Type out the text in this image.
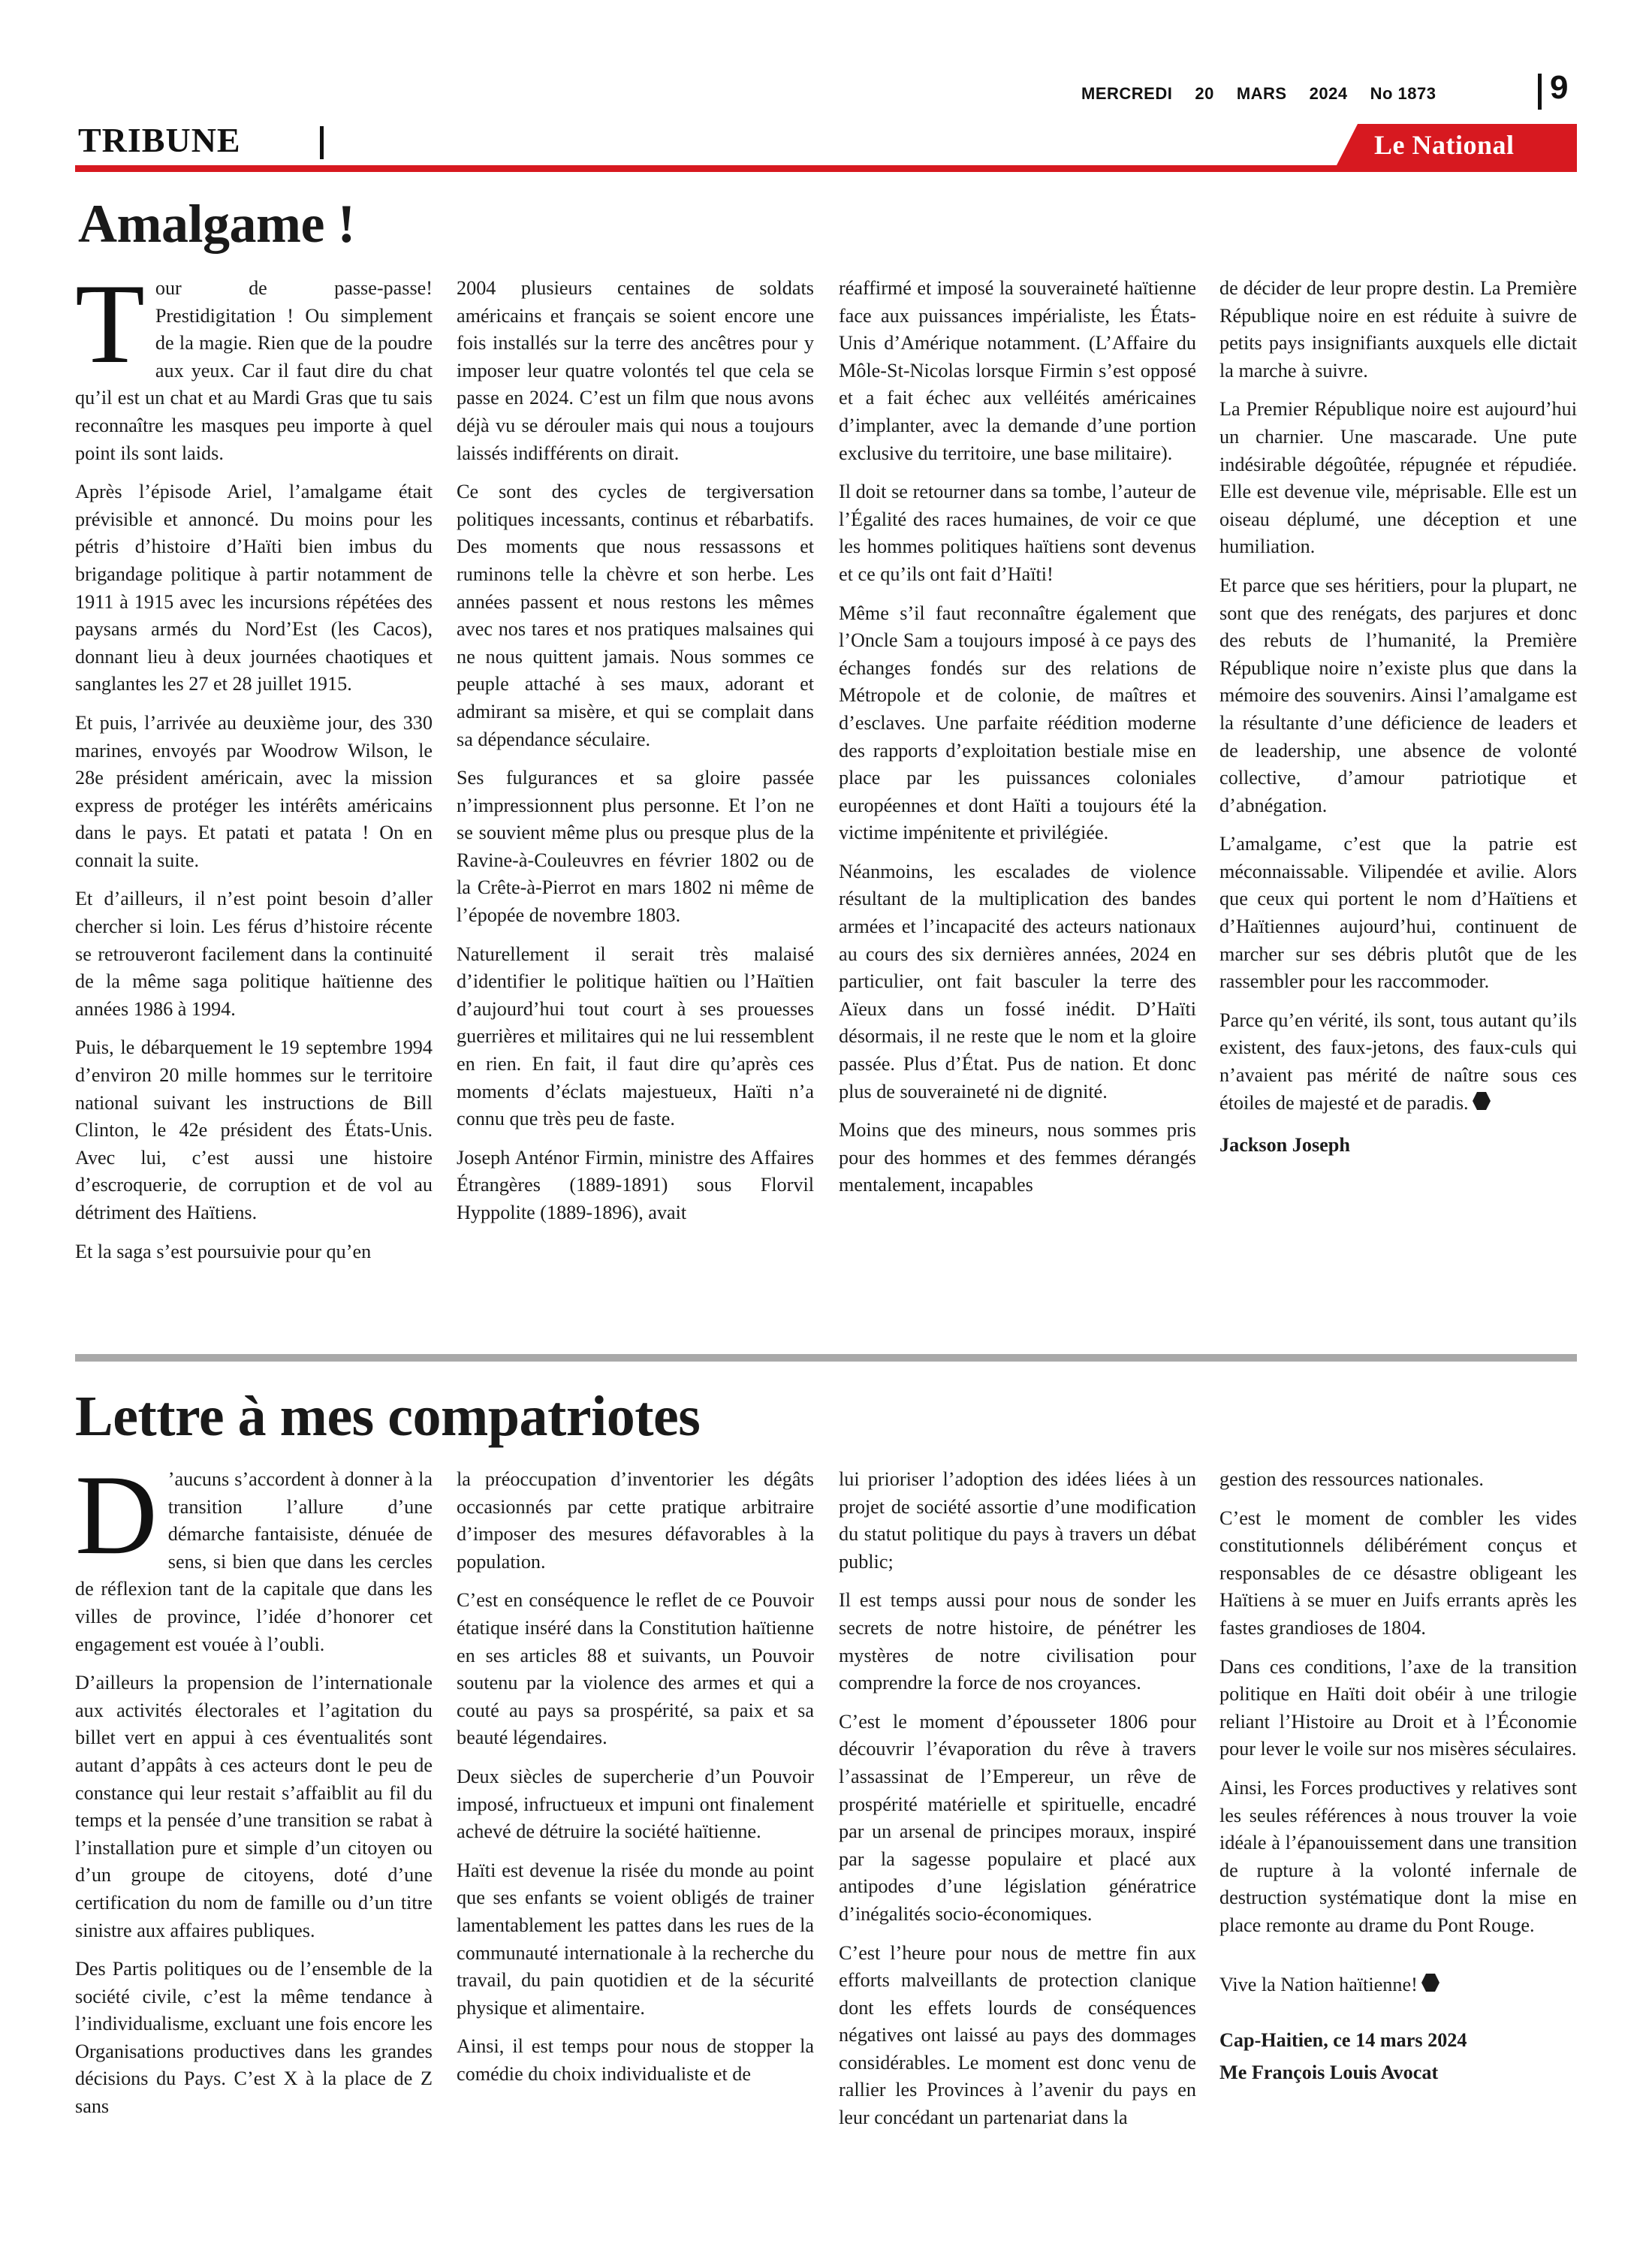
MERCREDI 20 MARS 2024 No 1873	9
TRIBUNE	Le National
Amalgame !
T our de passe-passe! Prestidigitation ! Ou simplement de la magie. Rien que de la poudre aux yeux. Car il faut dire du chat qu’il est un chat et au Mardi Gras que tu sais reconnaître les masques peu importe à quel point ils sont laids.

Après l’épisode Ariel, l’amalgame était prévisible et annoncé. Du moins pour les pétris d’histoire d’Haïti bien imbus du brigandage politique à partir notamment de 1911 à 1915 avec les incursions répétées des paysans armés du Nord’Est (les Cacos), donnant lieu à deux journées chaotiques et sanglantes les 27 et 28 juillet 1915.

Et puis, l’arrivée au deuxième jour, des 330 marines, envoyés par Woodrow Wilson, le 28e président américain, avec la mission express de protéger les intérêts américains dans le pays. Et patati et patata ! On en connait la suite.

Et d’ailleurs, il n’est point besoin d’aller chercher si loin. Les férus d’histoire récente se retrouveront facilement dans la continuité de la même saga politique haïtienne des années 1986 à 1994.

Puis, le débarquement le 19 septembre 1994 d’environ 20 mille hommes sur le territoire national suivant les instructions de Bill Clinton, le 42e président des États-Unis. Avec lui, c’est aussi une histoire d’escroquerie, de corruption et de vol au détriment des Haïtiens.

Et la saga s’est poursuivie pour qu’en

2004 plusieurs centaines de soldats américains et français se soient encore une fois installés sur la terre des ancêtres pour y imposer leur quatre volontés tel que cela se passe en 2024. C’est un film que nous avons déjà vu se dérouler mais qui nous a toujours laissés indifférents on dirait.

Ce sont des cycles de tergiversation politiques incessants, continus et rébarbatifs. Des moments que nous ressassons et ruminons telle la chèvre et son herbe. Les années passent et nous restons les mêmes avec nos tares et nos pratiques malsaines qui ne nous quittent jamais. Nous sommes ce peuple attaché à ses maux, adorant et admirant sa misère, et qui se complait dans sa dépendance séculaire.

Ses fulgurances et sa gloire passée n’impressionnent plus personne. Et l’on ne se souvient même plus ou presque plus de la Ravine-à-Couleuvres en février 1802 ou de la Crête-à-Pierrot en mars 1802 ni même de l’épopée de novembre 1803.

Naturellement il serait très malaisé d’identifier le politique haïtien ou l’Haïtien d’aujourd’hui tout court à ses prouesses guerrières et militaires qui ne lui ressemblent en rien. En fait, il faut dire qu’après ces moments d’éclats majestueux, Haïti n’a connu que très peu de faste.

Joseph Anténor Firmin, ministre des Affaires Étrangères (1889-1891) sous Florvil Hyppolite (1889-1896), avait

réaffirmé et imposé la souveraineté haïtienne face aux puissances impérialiste, les États-Unis d’Amérique notamment. (L’Affaire du Môle-St-Nicolas lorsque Firmin s’est opposé et a fait échec aux velléités américaines d’implanter, avec la demande d’une portion exclusive du territoire, une base militaire).

Il doit se retourner dans sa tombe, l’auteur de l’Égalité des races humaines, de voir ce que les hommes politiques haïtiens sont devenus et ce qu’ils ont fait d’Haïti!

Même s’il faut reconnaître également que l’Oncle Sam a toujours imposé à ce pays des échanges fondés sur des relations de Métropole et de colonie, de maîtres et d’esclaves. Une parfaite réédition moderne des rapports d’exploitation bestiale mise en place par les puissances coloniales européennes et dont Haïti a toujours été la victime impénitente et privilégiée.

Néanmoins, les escalades de violence résultant de la multiplication des bandes armées et l’incapacité des acteurs nationaux au cours des six dernières années, 2024 en particulier, ont fait basculer la terre des Aïeux dans un fossé inédit. D’Haïti désormais, il ne reste que le nom et la gloire passée. Plus d’État. Pus de nation. Et donc plus de souveraineté ni de dignité.

Moins que des mineurs, nous sommes pris pour des hommes et des femmes dérangés mentalement, incapables

de décider de leur propre destin. La Première République noire en est réduite à suivre de petits pays insignifiants auxquels elle dictait la marche à suivre.

La Premier République noire est aujourd’hui un charnier. Une mascarade. Une pute indésirable dégoûtée, répugnée et répudiée. Elle est devenue vile, méprisable. Elle est un oiseau déplumé, une déception et une humiliation.

Et parce que ses héritiers, pour la plupart, ne sont que des renégats, des parjures et donc des rebuts de l’humanité, la Première République noire n’existe plus que dans la mémoire des souvenirs. Ainsi l’amalgame est la résultante d’une déficience de leaders et de leadership, une absence de volonté collective, d’amour patriotique et d’abnégation.

L’amalgame, c’est que la patrie est méconnaissable. Vilipendée et avilie. Alors que ceux qui portent le nom d’Haïtiens et d’Haïtiennes aujourd’hui, continuent de marcher sur ses débris plutôt que de les rassembler pour les raccommoder.

Parce qu’en vérité, ils sont, tous autant qu’ils existent, des faux-jetons, des faux-culs qui n’avaient pas mérité de naître sous ces étoiles de majesté et de paradis.

Jackson Joseph

Lettre à mes compatriotes
D ’aucuns s’accordent à donner à la transition l’allure d’une démarche fantaisiste, dénuée de sens, si bien que dans les cercles de réflexion tant de la capitale que dans les villes de province, l’idée d’honorer cet engagement est vouée à l’oubli.

D’ailleurs la propension de l’internationale aux activités électorales et l’agitation du billet vert en appui à ces éventualités sont autant d’appâts à ces acteurs dont le peu de constance qui leur restait s’affaiblit au fil du temps et la pensée d’une transition se rabat à l’installation pure et simple d’un citoyen ou d’un groupe de citoyens, doté d’une certification du nom de famille ou d’un titre sinistre aux affaires publiques.

Des Partis politiques ou de l’ensemble de la société civile, c’est la même tendance à l’individualisme, excluant une fois encore les Organisations productives dans les grandes décisions du Pays. C’est X à la place de Z sans

la préoccupation d’inventorier les dégâts occasionnés par cette pratique arbitraire d’imposer des mesures défavorables à la population.

C’est en conséquence le reflet de ce Pouvoir étatique inséré dans la Constitution haïtienne en ses articles 88 et suivants, un Pouvoir soutenu par la violence des armes et qui a couté au pays sa prospérité, sa paix et sa beauté légendaires.

Deux siècles de supercherie d’un Pouvoir imposé, infructueux et impuni ont finalement achevé de détruire la société haïtienne.

Haïti est devenue la risée du monde au point que ses enfants se voient obligés de trainer lamentablement les pattes dans les rues de la communauté internationale à la recherche du travail, du pain quotidien et de la sécurité physique et alimentaire.

Ainsi, il est temps pour nous de stopper la comédie du choix individualiste et de

lui prioriser l’adoption des idées liées à un projet de société assortie d’une modification du statut politique du pays à travers un débat public;

Il est temps aussi pour nous de sonder les secrets de notre histoire, de pénétrer les mystères de notre civilisation pour comprendre la force de nos croyances.

C’est le moment d’épousseter 1806 pour découvrir l’évaporation du rêve à travers l’assassinat de l’Empereur, un rêve de prospérité matérielle et spirituelle, encadré par un arsenal de principes moraux, inspiré par la sagesse populaire et placé aux antipodes d’une législation génératrice d’inégalités socio-économiques.

C’est l’heure pour nous de mettre fin aux efforts malveillants de protection clanique dont les effets lourds de conséquences négatives ont laissé au pays des dommages considérables. Le moment est donc venu de rallier les Provinces à l’avenir du pays en leur concédant un partenariat dans la

gestion des ressources nationales.

C’est le moment de combler les vides constitutionnels délibérément conçus et responsables de ce désastre obligeant les Haïtiens à se muer en Juifs errants après les fastes grandioses de 1804.

Dans ces conditions, l’axe de la transition politique en Haïti doit obéir à une trilogie reliant l’Histoire au Droit et à l’Économie pour lever le voile sur nos misères séculaires.

Ainsi, les Forces productives y relatives sont les seules références à nous trouver la voie idéale à l’épanouissement dans une transition de rupture à la volonté infernale de destruction systématique dont la mise en place remonte au drame du Pont Rouge.

Vive la Nation haïtienne!

Cap-Haitien, ce 14 mars 2024

Me François Louis Avocat
